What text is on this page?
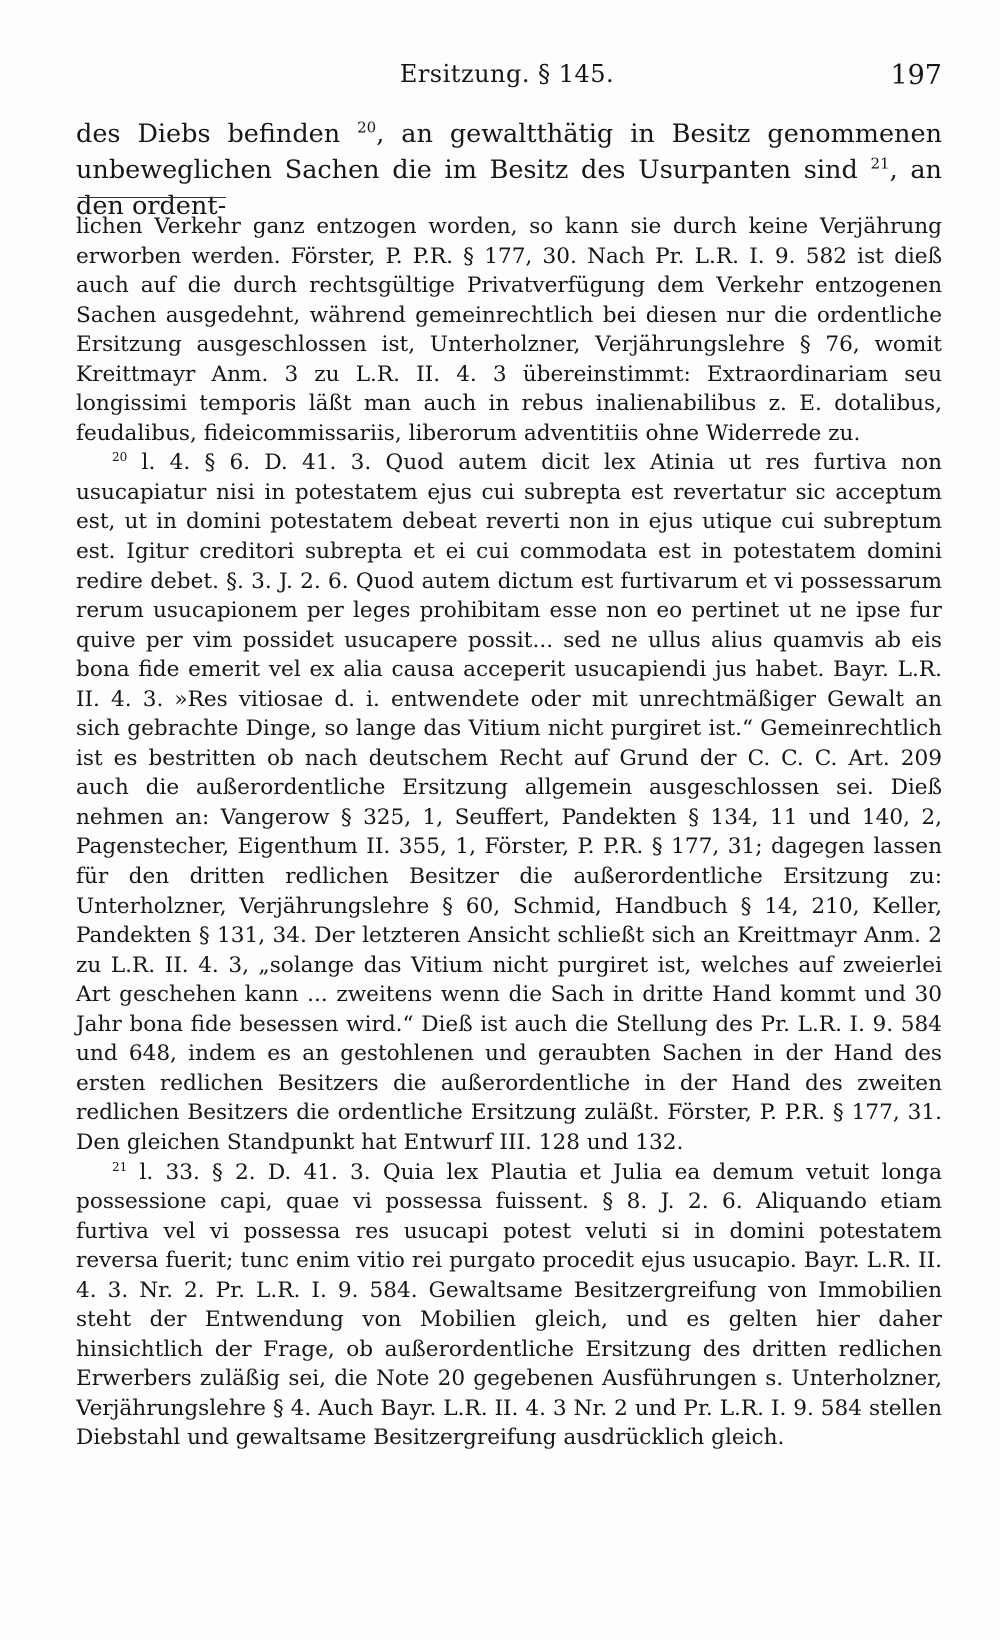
Ersitzung. § 145.	197

des Diebs befinden $^{20}$, an gewaltthätig in Besitz genommenen unbeweglichen Sachen die im Besitz des Usurpanten sind $^{21}$, an den ordent-

lichen Verkehr ganz entzogen worden, so kann sie durch keine Verjährung erworben werden. Förster, P. P.R. § 177, 30. Nach Pr. L.R. I. 9. 582 ist dieß auch auf die durch rechtsgültige Privatverfügung dem Verkehr entzogenen Sachen ausgedehnt, während gemeinrechtlich bei diesen nur die ordentliche Ersitzung ausgeschlossen ist, Unterholzner, Verjährungslehre § 76, womit Kreittmayr Anm. 3 zu L.R. II. 4. 3 übereinstimmt: Extraordinariam seu longissimi temporis läßt man auch in rebus inalienabilibus z. E. dotalibus, feudalibus, fideicommissariis, liberorum adventitiis ohne Widerrede zu.

$^{20}$ l. 4. § 6. D. 41. 3. Quod autem dicit lex Atinia ut res furtiva non usucapiatur nisi in potestatem ejus cui subrepta est revertatur sic acceptum est, ut in domini potestatem debeat reverti non in ejus utique cui subreptum est. Igitur creditori subrepta et ei cui commodata est in potestatem domini redire debet. §. 3. J. 2. 6. Quod autem dictum est furtivarum et vi possessarum rerum usucapionem per leges prohibitam esse non eo pertinet ut ne ipse fur quive per vim possidet usucapere possit... sed ne ullus alius quamvis ab eis bona fide emerit vel ex alia causa acceperit usucapiendi jus habet. Bayr. L.R. II. 4. 3. »Res vitiosae d. i. entwendete oder mit unrechtmäßiger Gewalt an sich gebrachte Dinge, so lange das Vitium nicht purgiret ist.“ Gemeinrechtlich ist es bestritten ob nach deutschem Recht auf Grund der C. C. C. Art. 209 auch die außerordentliche Ersitzung allgemein ausgeschlossen sei. Dieß nehmen an: Vangerow § 325, 1, Seuffert, Pandekten § 134, 11 und 140, 2, Pagenstecher, Eigenthum II. 355, 1, Förster, P. P.R. § 177, 31; dagegen lassen für den dritten redlichen Besitzer die außerordentliche Ersitzung zu: Unterholzner, Verjährungslehre § 60, Schmid, Handbuch § 14, 210, Keller, Pandekten § 131, 34. Der letzteren Ansicht schließt sich an Kreittmayr Anm. 2 zu L.R. II. 4. 3, „solange das Vitium nicht purgiret ist, welches auf zweierlei Art geschehen kann ... zweitens wenn die Sach in dritte Hand kommt und 30 Jahr bona fide besessen wird.“ Dieß ist auch die Stellung des Pr. L.R. I. 9. 584 und 648, indem es an gestohlenen und geraubten Sachen in der Hand des ersten redlichen Besitzers die außerordentliche in der Hand des zweiten redlichen Besitzers die ordentliche Ersitzung zuläßt. Förster, P. P.R. § 177, 31. Den gleichen Standpunkt hat Entwurf III. 128 und 132.

$^{21}$ l. 33. § 2. D. 41. 3. Quia lex Plautia et Julia ea demum vetuit longa possessione capi, quae vi possessa fuissent. § 8. J. 2. 6. Aliquando etiam furtiva vel vi possessa res usucapi potest veluti si in domini potestatem reversa fuerit; tunc enim vitio rei purgato procedit ejus usucapio. Bayr. L.R. II. 4. 3. Nr. 2. Pr. L.R. I. 9. 584. Gewaltsame Besitzergreifung von Immobilien steht der Entwendung von Mobilien gleich, und es gelten hier daher hinsichtlich der Frage, ob außerordentliche Ersitzung des dritten redlichen Erwerbers zuläßig sei, die Note 20 gegebenen Ausführungen s. Unterholzner, Verjährungslehre § 4. Auch Bayr. L.R. II. 4. 3 Nr. 2 und Pr. L.R. I. 9. 584 stellen Diebstahl und gewaltsame Besitzergreifung ausdrücklich gleich.
